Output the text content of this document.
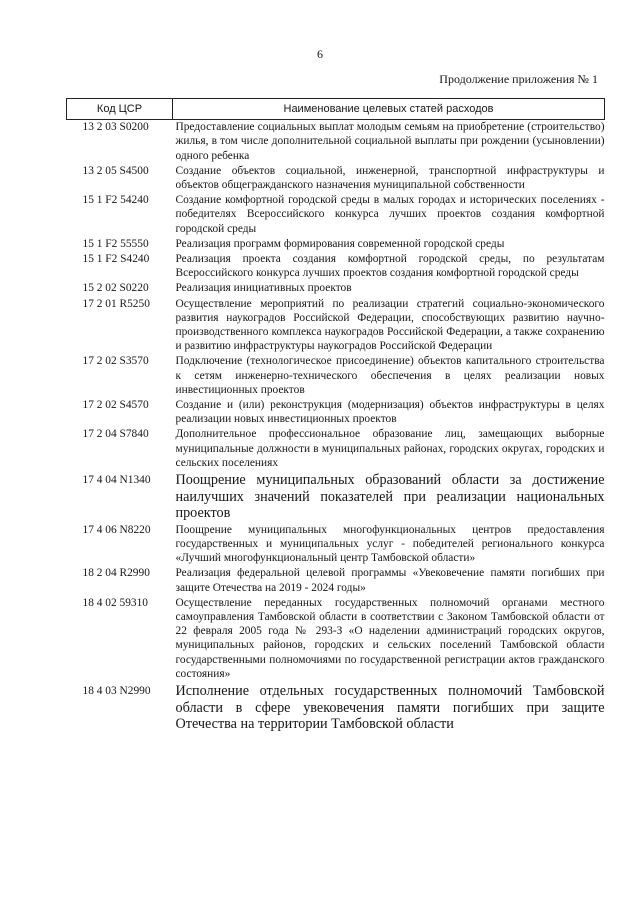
6
Продолжение приложения № 1
Код ЦСР	Наименование целевых статей расходов
13 2 03 S0200	Предоставление социальных выплат молодым семьям на приобретение (строительство) жилья, в том числе дополнительной социальной выплаты при рождении (усыновлении) одного ребенка
13 2 05 S4500	Создание объектов социальной, инженерной, транспортной инфраструктуры и объектов общегражданского назначения муниципальной собственности
15 1 F2 54240	Создание комфортной городской среды в малых городах и исторических поселениях - победителях Всероссийского конкурса лучших проектов создания комфортной городской среды
15 1 F2 55550	Реализация программ формирования современной городской среды
15 1 F2 S4240	Реализация проекта создания комфортной городской среды, по результатам Всероссийского конкурса лучших проектов создания комфортной городской среды
15 2 02 S0220	Реализация инициативных проектов
17 2 01 R5250	Осуществление мероприятий по реализации стратегий социально-экономического развития наукоградов Российской Федерации, способствующих развитию научно-производственного комплекса наукоградов Российской Федерации, а также сохранению и развитию инфраструктуры наукоградов Российской Федерации
17 2 02 S3570	Подключение (технологическое присоединение) объектов капитального строительства к сетям инженерно-технического обеспечения в целях реализации новых инвестиционных проектов
17 2 02 S4570	Создание и (или) реконструкция (модернизация) объектов инфраструктуры в целях реализации новых инвестиционных проектов
17 2 04 S7840	Дополнительное профессиональное образование лиц, замещающих выборные муниципальные должности в муниципальных районах, городских округах, городских и сельских поселениях
17 4 04 N1340	Поощрение муниципальных образований области за достижение наилучших значений показателей при реализации национальных проектов
17 4 06 N8220	Поощрение муниципальных многофункциональных центров предоставления государственных и муниципальных услуг - победителей регионального конкурса «Лучший многофункциональный центр Тамбовской области»
18 2 04 R2990	Реализация федеральной целевой программы «Увековечение памяти погибших при защите Отечества на 2019 - 2024 годы»
18 4 02 59310	Осуществление переданных государственных полномочий органами местного самоуправления Тамбовской области в соответствии с Законом Тамбовской области от 22 февраля 2005 года № 293-З «О наделении администраций городских округов, муниципальных районов, городских и сельских поселений Тамбовской области государственными полномочиями по государственной регистрации актов гражданского состояния»
18 4 03 N2990	Исполнение отдельных государственных полномочий Тамбовской области в сфере увековечения памяти погибших при защите Отечества на территории Тамбовской области
